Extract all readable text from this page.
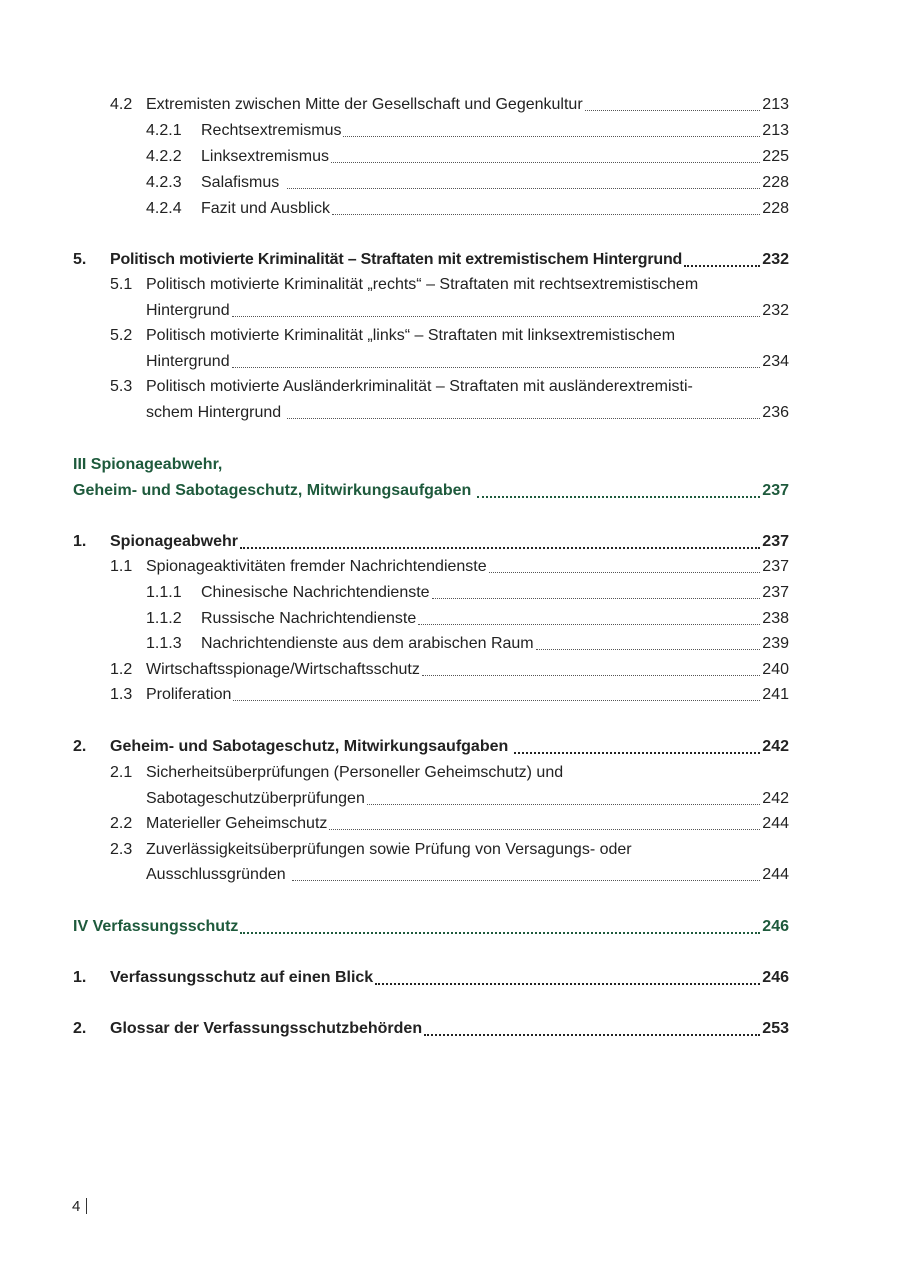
4.2 Extremisten zwischen Mitte der Gesellschaft und Gegenkultur	213
4.2.1 Rechtsextremismus	213
4.2.2 Linksextremismus	225
4.2.3 Salafismus	228
4.2.4 Fazit und Ausblick	228
5. Politisch motivierte Kriminalität – Straftaten mit extremistischem Hintergrund	232
5.1 Politisch motivierte Kriminalität „rechts“ – Straftaten mit rechtsextremistischem
Hintergrund	232
5.2 Politisch motivierte Kriminalität „links“ – Straftaten mit linksextremistischem
Hintergrund	234
5.3 Politisch motivierte Ausländerkriminalität – Straftaten mit ausländerextremisti-
schem Hintergrund	236
III Spionageabwehr,
Geheim- und Sabotageschutz, Mitwirkungsaufgaben	237
1. Spionageabwehr	237
1.1 Spionageaktivitäten fremder Nachrichtendienste	237
1.1.1 Chinesische Nachrichtendienste	237
1.1.2 Russische Nachrichtendienste	238
1.1.3 Nachrichtendienste aus dem arabischen Raum	239
1.2 Wirtschaftsspionage/Wirtschaftsschutz	240
1.3 Proliferation	241
2. Geheim- und Sabotageschutz, Mitwirkungsaufgaben	242
2.1 Sicherheitsüberprüfungen (Personeller Geheimschutz) und
Sabotageschutzüberprüfungen	242
2.2 Materieller Geheimschutz	244
2.3 Zuverlässigkeitsüberprüfungen sowie Prüfung von Versagungs- oder
Ausschlussgründen	244
IV Verfassungsschutz	246
1. Verfassungsschutz auf einen Blick	246
2. Glossar der Verfassungsschutzbehörden	253
4
